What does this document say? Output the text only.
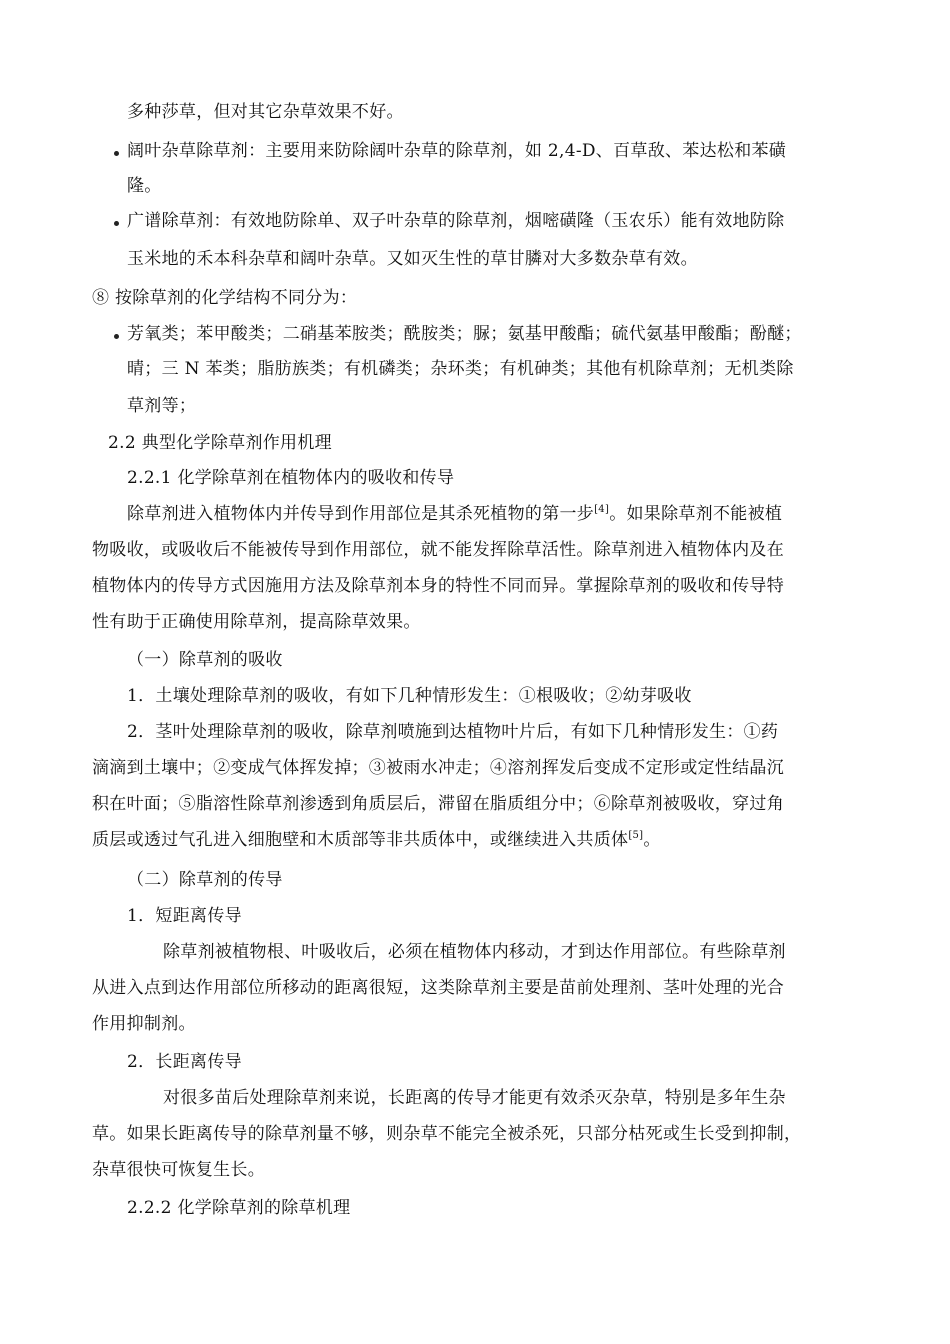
多种莎草，但对其它杂草效果不好。
阔叶杂草除草剂：主要用来防除阔叶杂草的除草剂，如 2,4-D、百草敌、苯达松和苯磺
隆。
广谱除草剂：有效地防除单、双子叶杂草的除草剂，烟嘧磺隆（玉农乐）能有效地防除
玉米地的禾本科杂草和阔叶杂草。又如灭生性的草甘膦对大多数杂草有效。
⑧ 按除草剂的化学结构不同分为：
芳氧类；苯甲酸类；二硝基苯胺类；酰胺类；脲；氨基甲酸酯；硫代氨基甲酸酯；酚醚；
晴；三 N 苯类；脂肪族类；有机磷类；杂环类；有机砷类；其他有机除草剂；无机类除
草剂等；
2.2 典型化学除草剂作用机理
2.2.1 化学除草剂在植物体内的吸收和传导
除草剂进入植物体内并传导到作用部位是其杀死植物的第一步[4]。如果除草剂不能被植
物吸收，或吸收后不能被传导到作用部位，就不能发挥除草活性。除草剂进入植物体内及在
植物体内的传导方式因施用方法及除草剂本身的特性不同而异。掌握除草剂的吸收和传导特
性有助于正确使用除草剂，提高除草效果。
（一）除草剂的吸收
1．土壤处理除草剂的吸收，有如下几种情形发生：①根吸收；②幼芽吸收
2．茎叶处理除草剂的吸收，除草剂喷施到达植物叶片后，有如下几种情形发生：①药
滴滴到土壤中；②变成气体挥发掉；③被雨水冲走；④溶剂挥发后变成不定形或定性结晶沉
积在叶面；⑤脂溶性除草剂渗透到角质层后，滞留在脂质组分中；⑥除草剂被吸收，穿过角
质层或透过气孔进入细胞壁和木质部等非共质体中，或继续进入共质体[5]。
（二）除草剂的传导
1．短距离传导
除草剂被植物根、叶吸收后，必须在植物体内移动，才到达作用部位。有些除草剂
从进入点到达作用部位所移动的距离很短，这类除草剂主要是苗前处理剂、茎叶处理的光合
作用抑制剂。
2．长距离传导
对很多苗后处理除草剂来说，长距离的传导才能更有效杀灭杂草，特别是多年生杂
草。如果长距离传导的除草剂量不够，则杂草不能完全被杀死，只部分枯死或生长受到抑制，
杂草很快可恢复生长。
2.2.2 化学除草剂的除草机理
